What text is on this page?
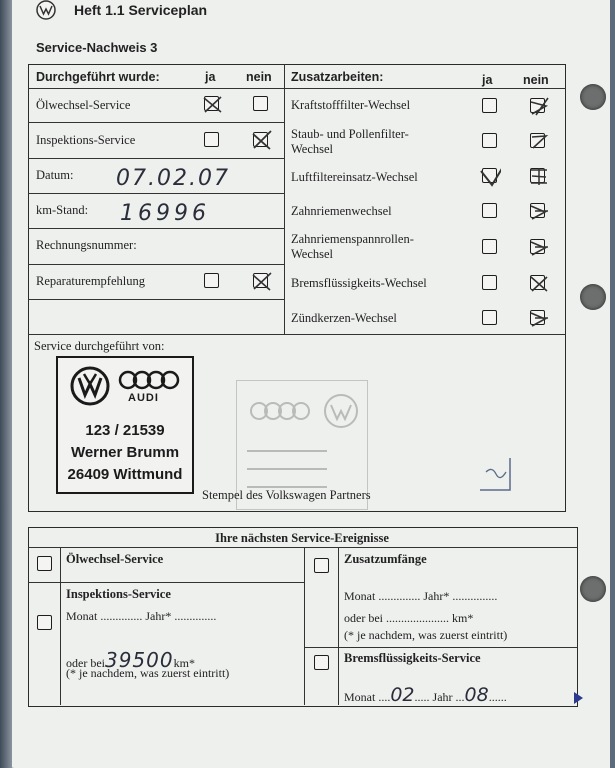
Heft 1.1 Serviceplan
Service-Nachweis 3
Durchgeführt wurde:	ja nein
Ölwechsel-Service
Inspektions-Service
Datum: 07.02.07
km-Stand: 16996
Rechnungsnummer:
Reparaturempfehlung
Zusatzarbeiten:	ja nein
Kraftstofffilter-Wechsel
Staub- und Pollenfilter-
Wechsel
Luftfiltereinsatz-Wechsel
Zahnriemenwechsel
Zahnriemenspannrollen-
Wechsel
Bremsflüssigkeits-Wechsel
Zündkerzen-Wechsel
Service durchgeführt von:
AUDI
123 / 21539
Werner Brumm
26409 Wittmund
Stempel des Volkswagen Partners
Ihre nächsten Service-Ereignisse
Ölwechsel-Service
Inspektions-Service
Monat .............. Jahr* ..............
oder bei39500km*
(* je nachdem, was zuerst eintritt)
Zusatzumfänge
Monat .............. Jahr* ...............
oder bei ..................... km*
(* je nachdem, was zuerst eintritt)
Bremsflüssigkeits-Service
Monat ....02..... Jahr ...08......
